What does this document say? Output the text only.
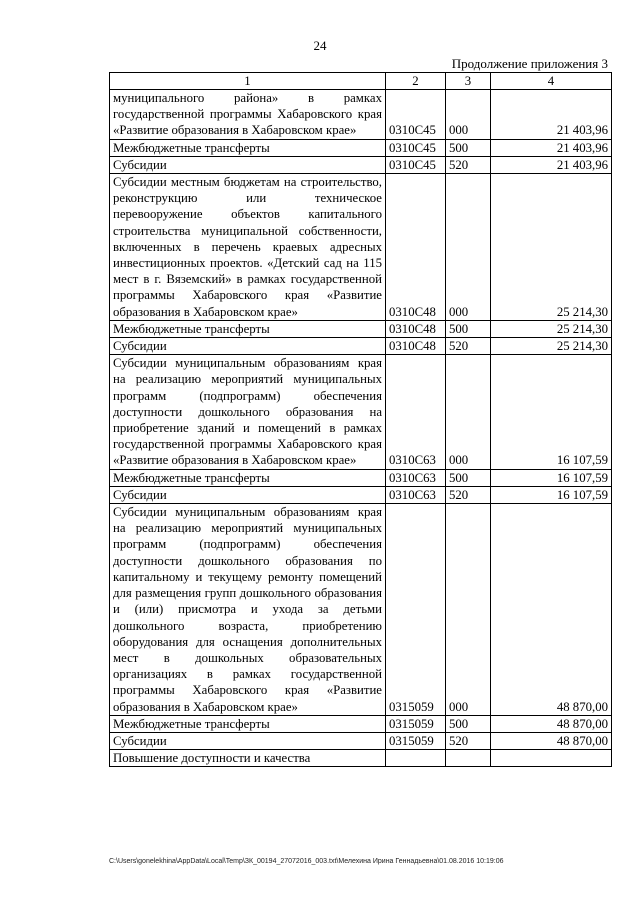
24
Продолжение приложения 3
1	2	3	4
муниципального района» в рамках государственной программы Хабаровского края «Развитие образования в Хабаровском крае»	0310С45	000	21 403,96
Межбюджетные трансферты	0310С45	500	21 403,96
Субсидии	0310С45	520	21 403,96
Субсидии местным бюджетам на строительство, реконструкцию или техническое перевооружение объектов капитального строительства муниципальной собственности, включенных в перечень краевых адресных инвестиционных проектов. «Детский сад на 115 мест в г. Вяземский» в рамках государственной программы Хабаровского края «Развитие образования в Хабаровском крае»	0310С48	000	25 214,30
Межбюджетные трансферты	0310С48	500	25 214,30
Субсидии	0310С48	520	25 214,30
Субсидии муниципальным образованиям края на реализацию мероприятий муниципальных программ (подпрограмм) обеспечения доступности дошкольного образования на приобретение зданий и помещений в рамках государственной программы Хабаровского края «Развитие образования в Хабаровском крае»	0310С63	000	16 107,59
Межбюджетные трансферты	0310С63	500	16 107,59
Субсидии	0310С63	520	16 107,59
Субсидии муниципальным образованиям края на реализацию мероприятий муниципальных программ (подпрограмм) обеспечения доступности дошкольного образования по капитальному и текущему ремонту помещений для размещения групп дошкольного образования и (или) присмотра и ухода за детьми дошкольного возраста, приобретению оборудования для оснащения дополнительных мест в дошкольных образовательных организациях в рамках государственной программы Хабаровского края «Развитие образования в Хабаровском крае»	0315059	000	48 870,00
Межбюджетные трансферты	0315059	500	48 870,00
Субсидии	0315059	520	48 870,00
Повышение доступности и качества			
C:\Users\gonelekhina\AppData\Local\Temp\ЗК_00194_27072016_003.txt\Мелехина Ирина Геннадьевна\01.08.2016 10:19:06
